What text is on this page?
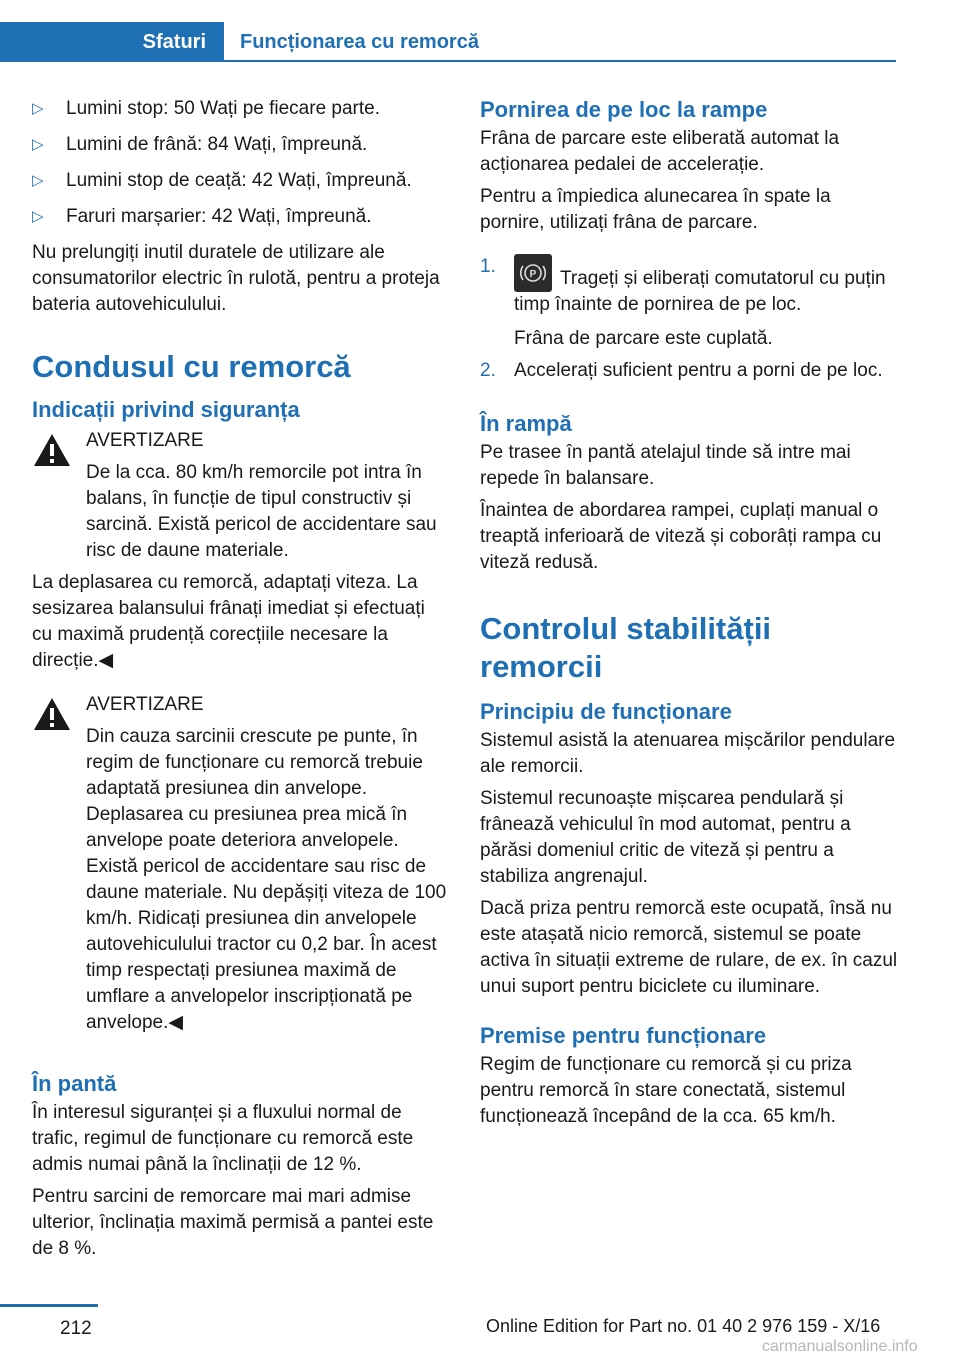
Sfaturi Funcționarea cu remorcă
▷ Lumini stop: 50 Wați pe fiecare parte.
▷ Lumini de frână: 84 Wați, împreună.
▷ Lumini stop de ceață: 42 Wați, împreună.
▷ Faruri marșarier: 42 Wați, împreună.

Nu prelungiți inutil duratele de utilizare ale consumatorilor electric în rulotă, pentru a proteja bateria autovehiculului.

Condusul cu remorcă
Indicații privind siguranța

AVERTIZARE

De la cca. 80 km/h remorcile pot intra în balans, în funcție de tipul constructiv și sarcină. Există pericol de accidentare sau risc de daune materiale.

La deplasarea cu remorcă, adaptați viteza. La sesizarea balansului frânați imediat și efectuați cu maximă prudență corecțiile necesare la direcție.◀

AVERTIZARE

Din cauza sarcinii crescute pe punte, în regim de funcționare cu remorcă trebuie adaptată presiunea din anvelope. Deplasarea cu presiunea prea mică în anvelope poate deteriora anvelopele. Există pericol de accidentare sau risc de daune materiale. Nu depășiți viteza de 100 km/h. Ridicați presiunea din anvelopele autovehiculului tractor cu 0,2 bar. În acest timp respectați presiunea maximă de umflare a anvelopelor inscripționată pe anvelope.◀

În pantă

În interesul siguranței și a fluxului normal de trafic, regimul de funcționare cu remorcă este admis numai până la înclinații de 12 %.

Pentru sarcini de remorcare mai mari admise ulterior, înclinația maximă permisă a pantei este de 8 %.

Pornirea de pe loc la rampe

Frâna de parcare este eliberată automat la acționarea pedalei de accelerație.

Pentru a împiedica alunecarea în spate la pornire, utilizați frâna de parcare.

1.	P Trageți și eliberați comutatorul cu puțin timp înainte de pornirea de pe loc.

Frâna de parcare este cuplată.

2. Accelerați suficient pentru a porni de pe loc.
În rampă

Pe trasee în pantă atelajul tinde să intre mai repede în balansare.

Înaintea de abordarea rampei, cuplați manual o treaptă inferioară de viteză și coborâți rampa cu viteză redusă.

Controlul stabilității remorcii
Principiu de funcționare

Sistemul asistă la atenuarea mișcărilor pendulare ale remorcii.

Sistemul recunoaște mișcarea pendulară și frânează vehiculul în mod automat, pentru a părăsi domeniul critic de viteză și pentru a stabiliza angrenajul.

Dacă priza pentru remorcă este ocupată, însă nu este atașată nicio remorcă, sistemul se poate activa în situații extreme de rulare, de ex. în cazul unui suport pentru biciclete cu iluminare.

Premise pentru funcționare

Regim de funcționare cu remorcă și cu priza pentru remorcă în stare conectată, sistemul funcționează începând de la cca. 65 km/h.

212	Online Edition for Part no. 01 40 2 976 159 - X/16
carmanualsonline.info
